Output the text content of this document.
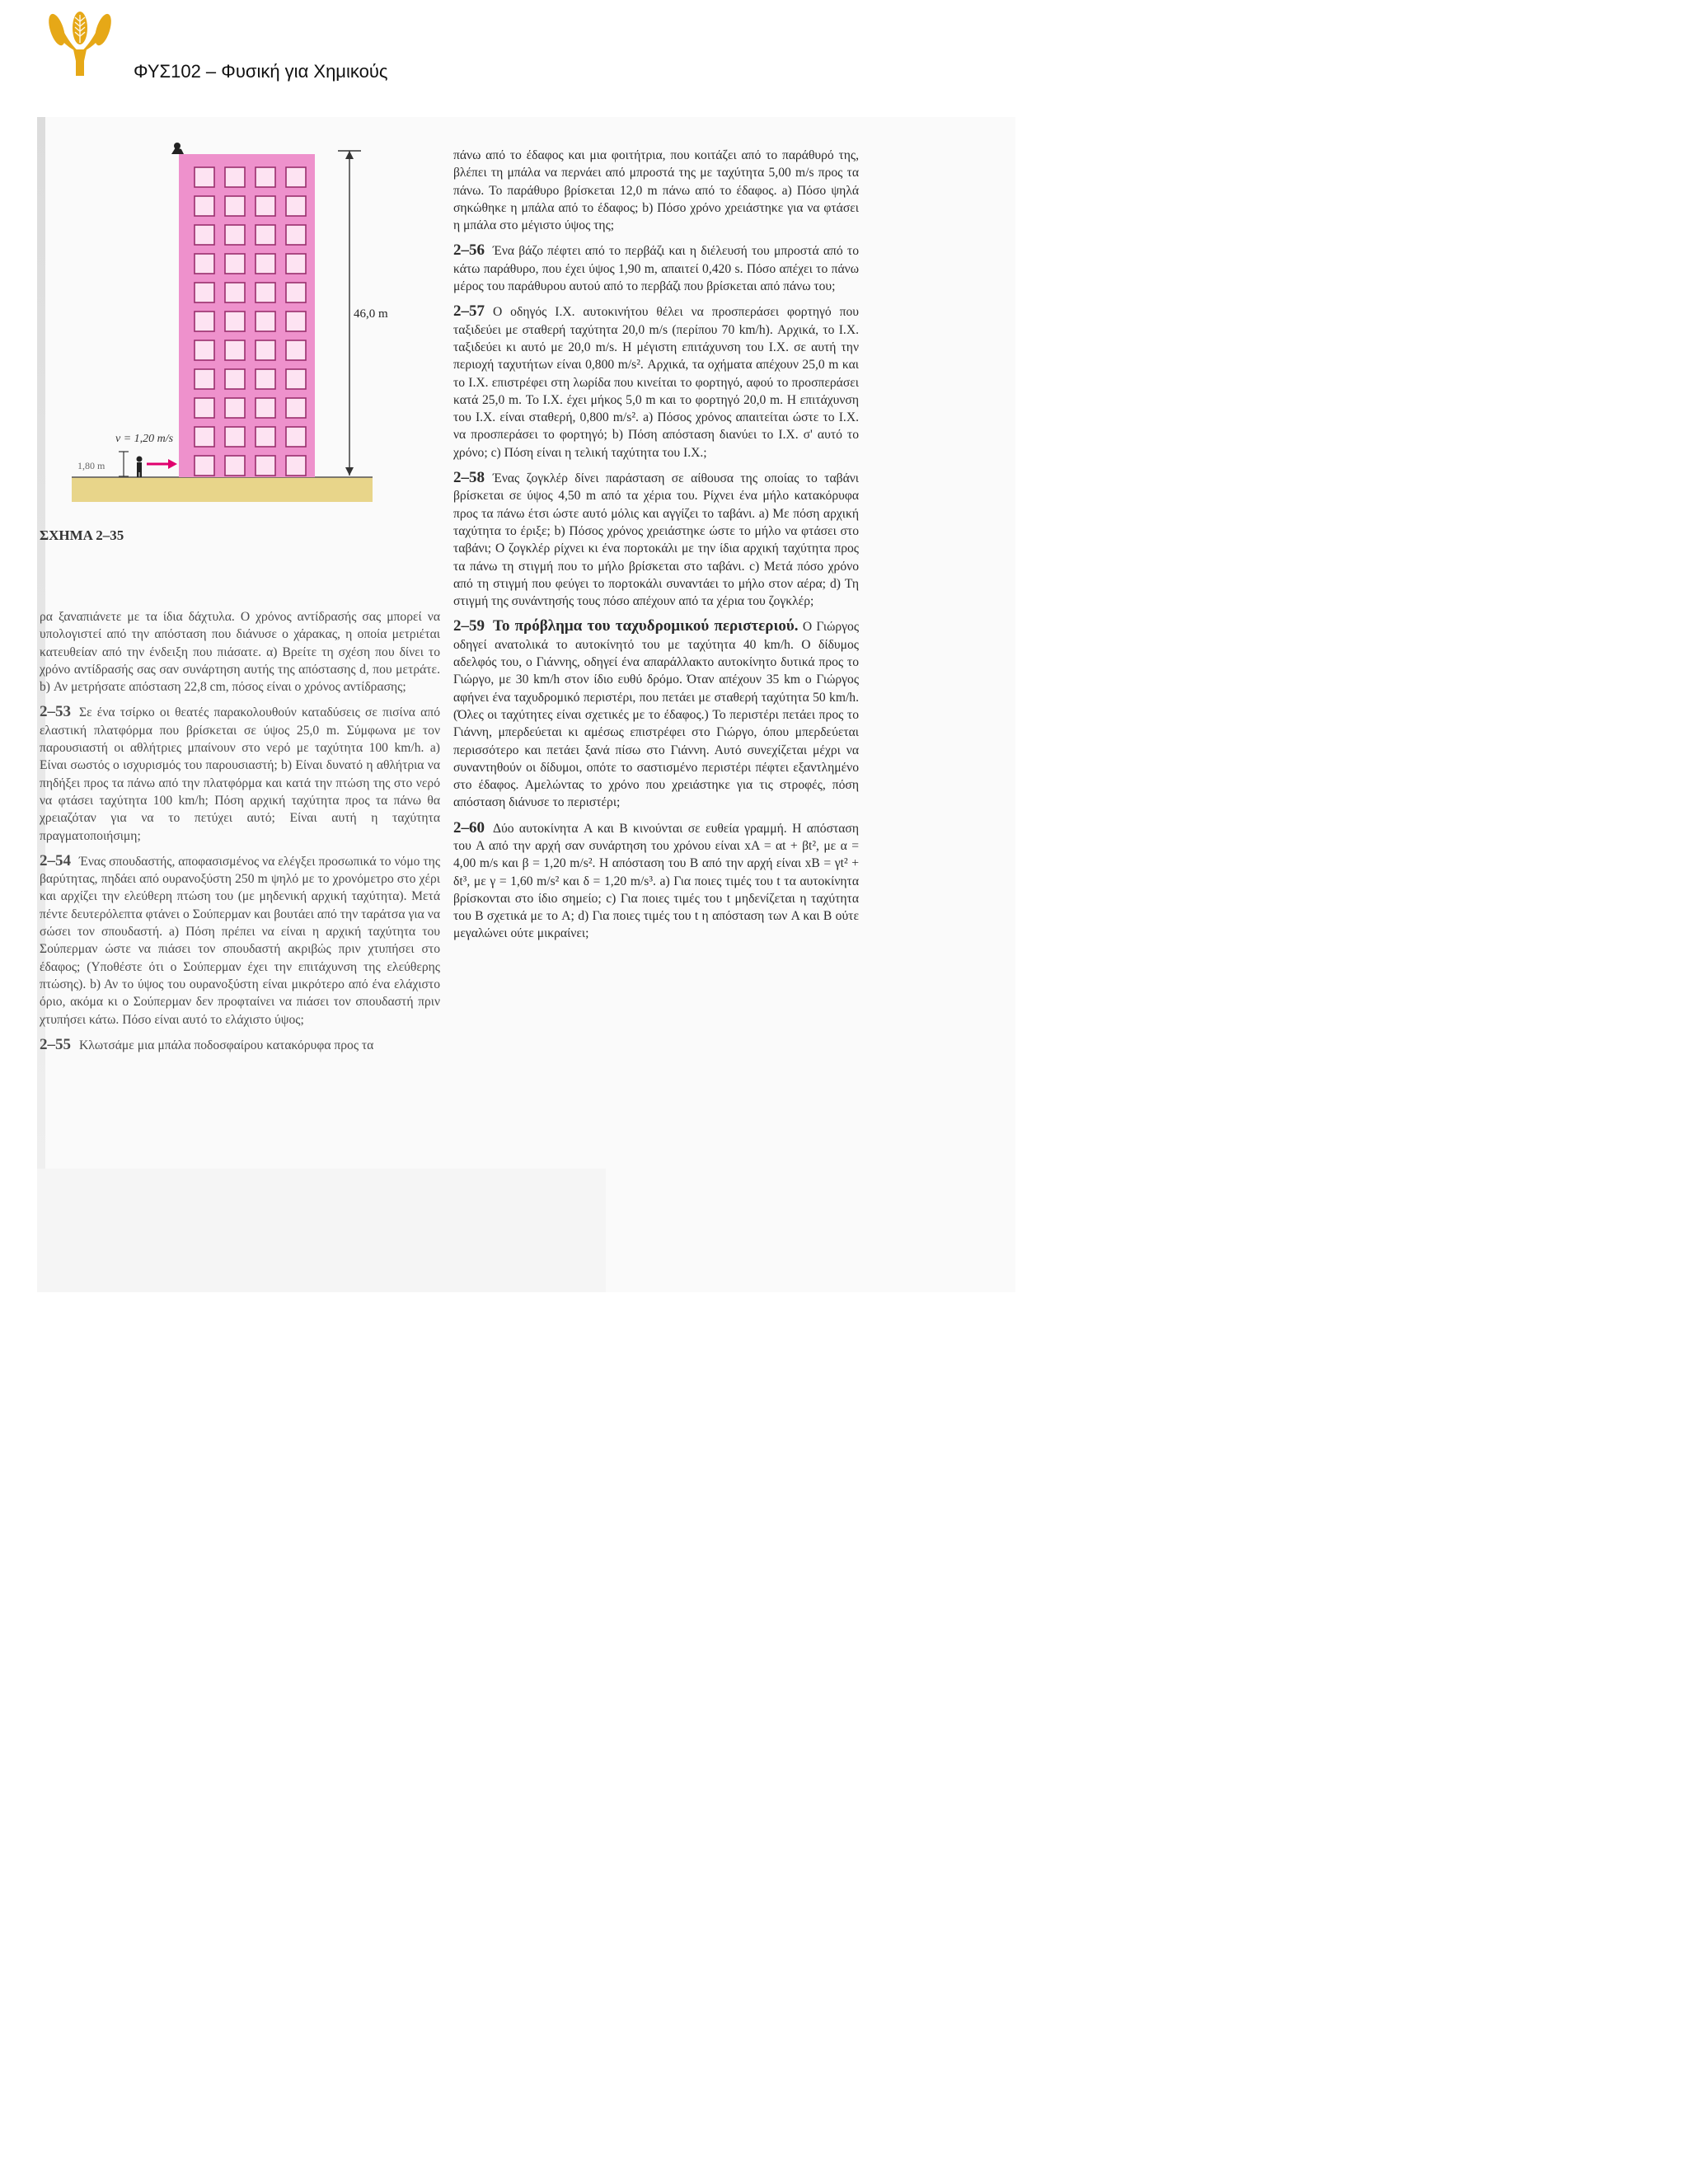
ΦΥΣ102 – Φυσική για Χημικούς
46,0 m
v = 1,20 m/s
1,80 m
ΣΧΗΜΑ 2–35

ρα ξαναπιάνετε με τα ίδια δάχτυλα. Ο χρόνος αντίδρασής σας μπορεί να υπολογιστεί από την απόσταση που διάνυσε ο χάρακας, η οποία μετριέται κατευθείαν από την ένδειξη που πιάσατε. α) Βρείτε τη σχέση που δίνει το χρόνο αντίδρασής σας σαν συνάρτηση αυτής της απόστασης d, που μετράτε. b) Αν μετρήσατε απόσταση 22,8 cm, πόσος είναι ο χρόνος αντίδρασης;

2–53 Σε ένα τσίρκο οι θεατές παρακολουθούν καταδύσεις σε πισίνα από ελαστική πλατφόρμα που βρίσκεται σε ύψος 25,0 m. Σύμφωνα με τον παρουσιαστή οι αθλήτριες μπαίνουν στο νερό με ταχύτητα 100 km/h. a) Είναι σωστός ο ισχυρισμός του παρουσιαστή; b) Είναι δυνατό η αθλήτρια να πηδήξει προς τα πάνω από την πλατφόρμα και κατά την πτώση της στο νερό να φτάσει ταχύτητα 100 km/h; Πόση αρχική ταχύτητα προς τα πάνω θα χρειαζόταν για να το πετύχει αυτό; Είναι αυτή η ταχύτητα πραγματοποιήσιμη;

2–54 Ένας σπουδαστής, αποφασισμένος να ελέγξει προσωπικά το νόμο της βαρύτητας, πηδάει από ουρανοξύστη 250 m ψηλό με το χρονόμετρο στο χέρι και αρχίζει την ελεύθερη πτώση του (με μηδενική αρχική ταχύτητα). Μετά πέντε δευτερόλεπτα φτάνει ο Σούπερμαν και βουτάει από την ταράτσα για να σώσει τον σπουδαστή. a) Πόση πρέπει να είναι η αρχική ταχύτητα του Σούπερμαν ώστε να πιάσει τον σπουδαστή ακριβώς πριν χτυπήσει στο έδαφος; (Υποθέστε ότι ο Σούπερμαν έχει την επιτάχυνση της ελεύθερης πτώσης). b) Αν το ύψος του ουρανοξύστη είναι μικρότερο από ένα ελάχιστο όριο, ακόμα κι ο Σούπερμαν δεν προφταίνει να πιάσει τον σπουδαστή πριν χτυπήσει κάτω. Πόσο είναι αυτό το ελάχιστο ύψος;

2–55 Κλωτσάμε μια μπάλα ποδοσφαίρου κατακόρυφα προς τα

πάνω από το έδαφος και μια φοιτήτρια, που κοιτάζει από το παράθυρό της, βλέπει τη μπάλα να περνάει από μπροστά της με ταχύτητα 5,00 m/s προς τα πάνω. Το παράθυρο βρίσκεται 12,0 m πάνω από το έδαφος. a) Πόσο ψηλά σηκώθηκε η μπάλα από το έδαφος; b) Πόσο χρόνο χρειάστηκε για να φτάσει η μπάλα στο μέγιστο ύψος της;

2–56 Ένα βάζο πέφτει από το περβάζι και η διέλευσή του μπροστά από το κάτω παράθυρο, που έχει ύψος 1,90 m, απαιτεί 0,420 s. Πόσο απέχει το πάνω μέρος του παράθυρου αυτού από το περβάζι που βρίσκεται από πάνω του;

2–57 Ο οδηγός Ι.Χ. αυτοκινήτου θέλει να προσπεράσει φορτηγό που ταξιδεύει με σταθερή ταχύτητα 20,0 m/s (περίπου 70 km/h). Αρχικά, το Ι.Χ. ταξιδεύει κι αυτό με 20,0 m/s. Η μέγιστη επιτάχυνση του Ι.Χ. σε αυτή την περιοχή ταχυτήτων είναι 0,800 m/s². Αρχικά, τα οχήματα απέχουν 25,0 m και το Ι.Χ. επιστρέφει στη λωρίδα που κινείται το φορτηγό, αφού το προσπεράσει κατά 25,0 m. Το Ι.Χ. έχει μήκος 5,0 m και το φορτηγό 20,0 m. Η επιτάχυνση του Ι.Χ. είναι σταθερή, 0,800 m/s². a) Πόσος χρόνος απαιτείται ώστε το Ι.Χ. να προσπεράσει το φορτηγό; b) Πόση απόσταση διανύει το Ι.Χ. σ' αυτό το χρόνο; c) Πόση είναι η τελική ταχύτητα του Ι.Χ.;

2–58 Ένας ζογκλέρ δίνει παράσταση σε αίθουσα της οποίας το ταβάνι βρίσκεται σε ύψος 4,50 m από τα χέρια του. Ρίχνει ένα μήλο κατακόρυφα προς τα πάνω έτσι ώστε αυτό μόλις και αγγίζει το ταβάνι. a) Με πόση αρχική ταχύτητα το έριξε; b) Πόσος χρόνος χρειάστηκε ώστε το μήλο να φτάσει στο ταβάνι; Ο ζογκλέρ ρίχνει κι ένα πορτοκάλι με την ίδια αρχική ταχύτητα προς τα πάνω τη στιγμή που το μήλο βρίσκεται στο ταβάνι. c) Μετά πόσο χρόνο από τη στιγμή που φεύγει το πορτοκάλι συναντάει το μήλο στον αέρα; d) Τη στιγμή της συνάντησής τους πόσο απέχουν από τα χέρια του ζογκλέρ;

2–59 Το πρόβλημα του ταχυδρομικού περιστεριού. Ο Γιώργος οδηγεί ανατολικά το αυτοκίνητό του με ταχύτητα 40 km/h. Ο δίδυμος αδελφός του, ο Γιάννης, οδηγεί ένα απαράλλακτο αυτοκίνητο δυτικά προς το Γιώργο, με 30 km/h στον ίδιο ευθύ δρόμο. Όταν απέχουν 35 km ο Γιώργος αφήνει ένα ταχυδρομικό περιστέρι, που πετάει με σταθερή ταχύτητα 50 km/h. (Όλες οι ταχύτητες είναι σχετικές με το έδαφος.) Το περιστέρι πετάει προς το Γιάννη, μπερδεύεται κι αμέσως επιστρέφει στο Γιώργο, όπου μπερδεύεται περισσότερο και πετάει ξανά πίσω στο Γιάννη. Αυτό συνεχίζεται μέχρι να συναντηθούν οι δίδυμοι, οπότε το σαστισμένο περιστέρι πέφτει εξαντλημένο στο έδαφος. Αμελώντας το χρόνο που χρειάστηκε για τις στροφές, πόση απόσταση διάνυσε το περιστέρι;

2–60 Δύο αυτοκίνητα A και B κινούνται σε ευθεία γραμμή. Η απόσταση του A από την αρχή σαν συνάρτηση του χρόνου είναι xA = αt + βt², με α = 4,00 m/s και β = 1,20 m/s². Η απόσταση του B από την αρχή είναι xB = γt² + δt³, με γ = 1,60 m/s² και δ = 1,20 m/s³. a) Για ποιες τιμές του t τα αυτοκίνητα βρίσκονται στο ίδιο σημείο; c) Για ποιες τιμές του t μηδενίζεται η ταχύτητα του B σχετικά με το A; d) Για ποιες τιμές του t η απόσταση των A και B ούτε μεγαλώνει ούτε μικραίνει;
